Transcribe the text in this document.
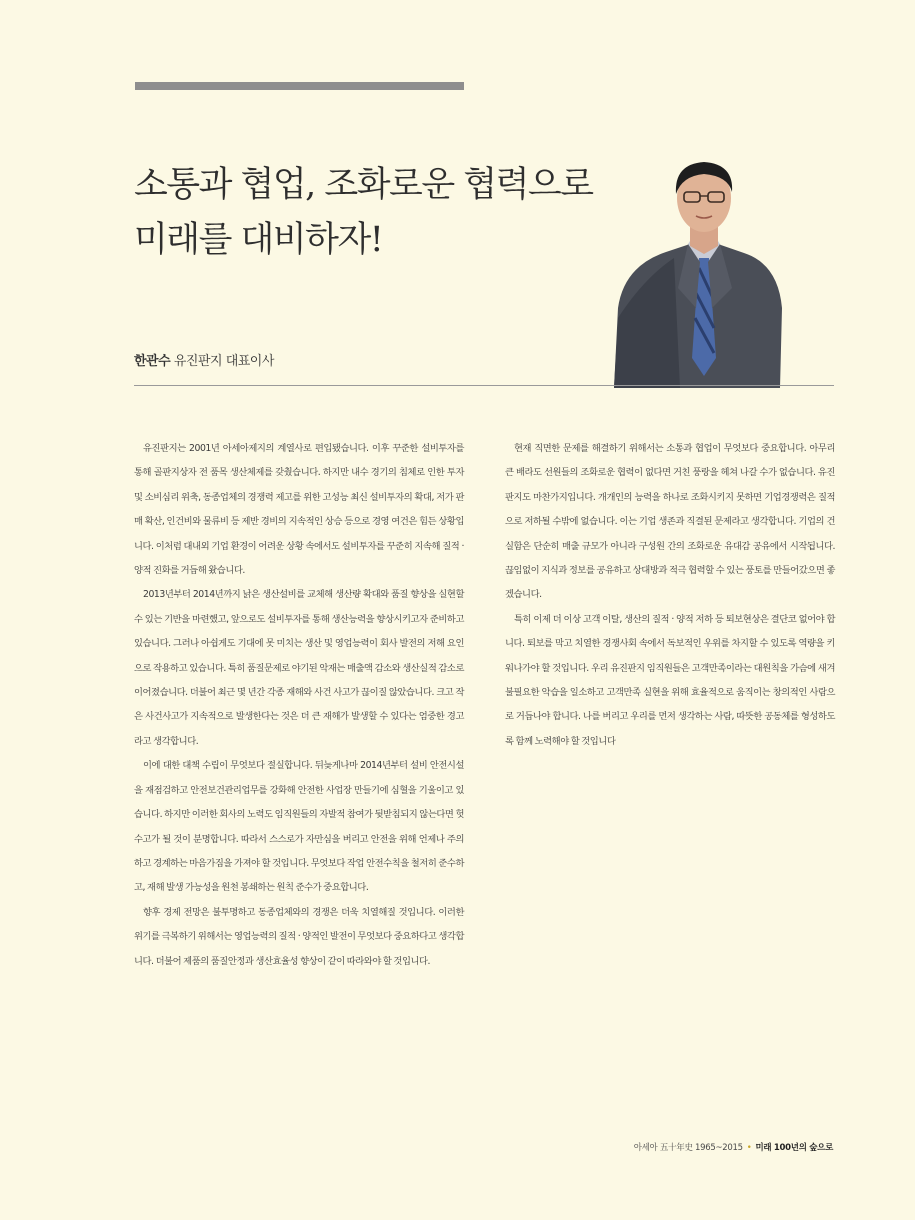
소통과 협업, 조화로운 협력으로
미래를 대비하자!
한관수 유진판지 대표이사

유진판지는 2001년 아세아제지의 계열사로 편입됐습니다. 이후 꾸준한 설비투자를 통해 골판지상자 전 품목 생산체제를 갖췄습니다. 하지만 내수 경기의 침체로 인한 투자 및 소비심리 위축, 동종업체의 경쟁력 제고를 위한 고성능 최신 설비투자의 확대, 저가 판매 확산, 인건비와 물류비 등 제반 경비의 지속적인 상승 등으로 경영 여건은 힘든 상황입니다. 이처럼 대내외 기업 환경이 어려운 상황 속에서도 설비투자를 꾸준히 지속해 질적 · 양적 진화를 거듭해 왔습니다.

2013년부터 2014년까지 낡은 생산설비를 교체해 생산량 확대와 품질 향상을 실현할 수 있는 기반을 마련했고, 앞으로도 설비투자를 통해 생산능력을 향상시키고자 준비하고 있습니다. 그러나 아쉽게도 기대에 못 미치는 생산 및 영업능력이 회사 발전의 저해 요인으로 작용하고 있습니다. 특히 품질문제로 야기된 악재는 매출액 감소와 생산실적 감소로 이어졌습니다. 더불어 최근 몇 년간 각종 재해와 사건 사고가 끊이질 않았습니다. 크고 작은 사건사고가 지속적으로 발생한다는 것은 더 큰 재해가 발생할 수 있다는 엄중한 경고라고 생각합니다.

이에 대한 대책 수립이 무엇보다 절실합니다. 뒤늦게나마 2014년부터 설비 안전시설을 재점검하고 안전보건관리업무를 강화해 안전한 사업장 만들기에 심혈을 기울이고 있습니다. 하지만 이러한 회사의 노력도 임직원들의 자발적 참여가 뒷받침되지 않는다면 헛수고가 될 것이 분명합니다. 따라서 스스로가 자만심을 버리고 안전을 위해 언제나 주의하고 경계하는 마음가짐을 가져야 할 것입니다. 무엇보다 작업 안전수칙을 철저히 준수하고, 재해 발생 가능성을 원천 봉쇄하는 원칙 준수가 중요합니다.

향후 경제 전망은 불투명하고 동종업체와의 경쟁은 더욱 치열해질 것입니다. 이러한 위기를 극복하기 위해서는 영업능력의 질적 · 양적인 발전이 무엇보다 중요하다고 생각합니다. 더불어 제품의 품질안정과 생산효율성 향상이 같이 따라와야 할 것입니다.

현재 직면한 문제를 해결하기 위해서는 소통과 협업이 무엇보다 중요합니다. 아무리 큰 배라도 선원들의 조화로운 협력이 없다면 거친 풍랑을 헤쳐 나갈 수가 없습니다. 유진판지도 마찬가지입니다. 개개인의 능력을 하나로 조화시키지 못하면 기업경쟁력은 질적으로 저하될 수밖에 없습니다. 이는 기업 생존과 직결된 문제라고 생각합니다. 기업의 건실함은 단순히 매출 규모가 아니라 구성원 간의 조화로운 유대감 공유에서 시작됩니다. 끊임없이 지식과 정보를 공유하고 상대방과 적극 협력할 수 있는 풍토를 만들어갔으면 좋겠습니다.

특히 이제 더 이상 고객 이탈, 생산의 질적 · 양적 저하 등 퇴보현상은 결단코 없어야 합니다. 퇴보를 막고 치열한 경쟁사회 속에서 독보적인 우위를 차지할 수 있도록 역량을 키워나가야 할 것입니다. 우리 유진판지 임직원들은 고객만족이라는 대원칙을 가슴에 새겨 불필요한 악습을 일소하고 고객만족 실현을 위해 효율적으로 움직이는 창의적인 사람으로 거듭나야 합니다. 나를 버리고 우리를 먼저 생각하는 사람, 따뜻한 공동체를 형성하도록 함께 노력해야 할 것입니다

아세아 五十年史 1965~2015 • 미래 100년의 숲으로
